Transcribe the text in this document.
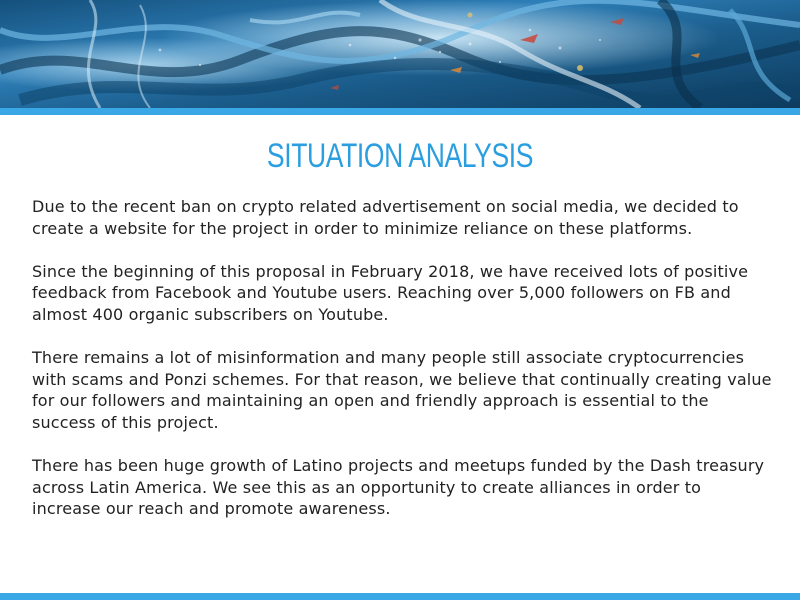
SITUATION ANALYSIS

Due to the recent ban on crypto related advertisement on social media, we decided to create a website for the project in order to minimize reliance on these platforms.

Since the beginning of this proposal in February 2018, we have received lots of positive feedback from Facebook and Youtube users. Reaching over 5,000 followers on FB and almost 400 organic subscribers on Youtube.

There remains a lot of misinformation and many people still associate cryptocurrencies with scams and Ponzi schemes. For that reason, we believe that continually creating value for our followers and maintaining an open and friendly approach is essential to the success of this project.

There has been huge growth of Latino projects and meetups funded by the Dash treasury across Latin America. We see this as an opportunity to create alliances in order to increase our reach and promote awareness.
